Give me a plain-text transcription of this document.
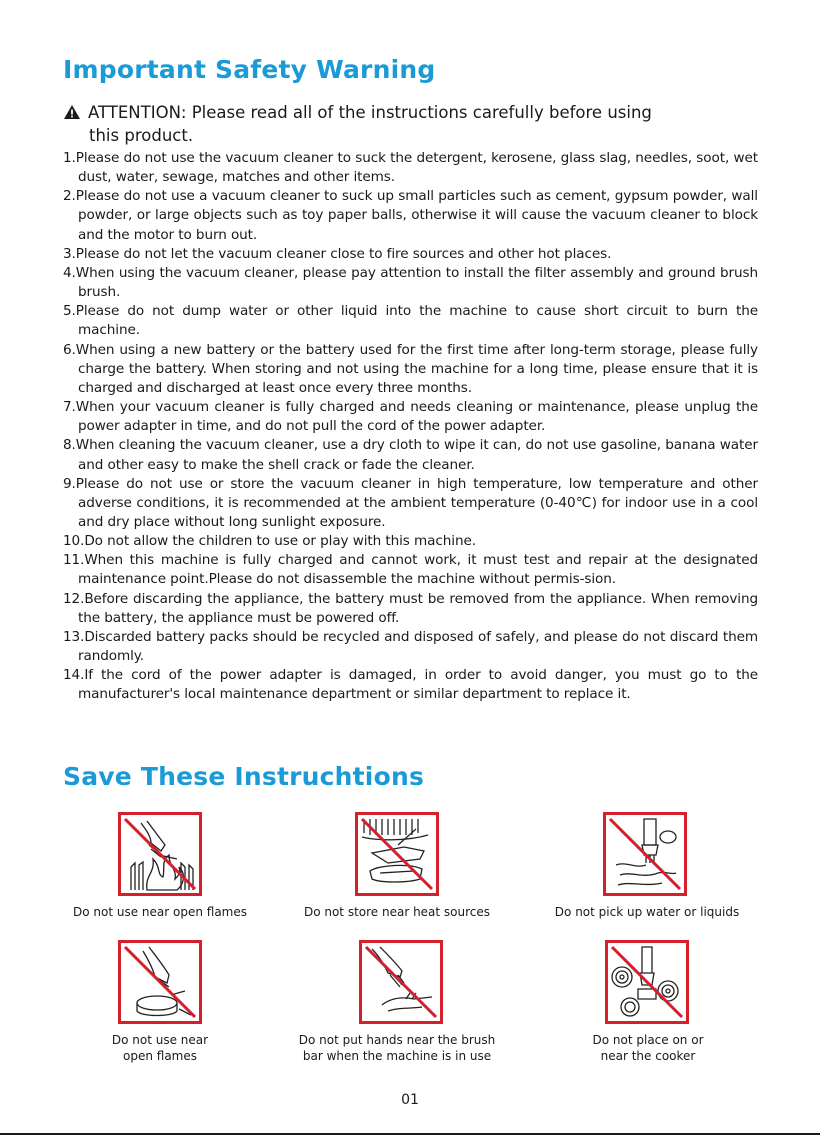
Important Safety Warning
ATTENTION: Please read all of the instructions carefully before using
this product.
1.Please do not use the vacuum cleaner to suck the detergent, kerosene, glass slag, needles, soot, wet dust, water, sewage, matches and other items.
2.Please do not use a vacuum cleaner to suck up small particles such as cement, gypsum powder, wall powder, or large objects such as toy paper balls, otherwise it will cause the vacuum cleaner to block and the motor to burn out.
3.Please do not let the vacuum cleaner close to fire sources and other hot places.
4.When using the vacuum cleaner, please pay attention to install the filter assembly and ground brush brush.
5.Please do not dump water or other liquid into the machine to cause short circuit to burn the machine.
6.When using a new battery or the battery used for the first time after long-term storage, please fully charge the battery. When storing and not using the machine for a long time, please ensure that it is charged and discharged at least once every three months.
7.When your vacuum cleaner is fully charged and needs cleaning or maintenance, please unplug the power adapter in time, and do not pull the cord of the power adapter.
8.When cleaning the vacuum cleaner, use a dry cloth to wipe it can, do not use gasoline, banana water and other easy to make the shell crack or fade the cleaner.
9.Please do not use or store the vacuum cleaner in high temperature, low temperature and other adverse conditions, it is recommended at the ambient temperature (0-40℃) for indoor use in a cool and dry place without long sunlight exposure.
10.Do not allow the children to use or play with this machine.
11.When this machine is fully charged and cannot work, it must test and repair at the designated maintenance point.Please do not disassemble the machine without permis-sion.
12.Before discarding the appliance, the battery must be removed from the appliance. When removing the battery, the appliance must be powered off.
13.Discarded battery packs should be recycled and disposed of safely, and please do not discard them randomly.
14.If the cord of the power adapter is damaged, in order to avoid danger, you must go to the manufacturer's local maintenance department or similar department to replace it.
Save These Instruchtions
Do not use near open flames	Do not store near heat sources	Do not pick up water or liquids
Do not use near
open flames
Do not put hands near the brush
bar when the machine is in use
Do not place on or
near the cooker
01
